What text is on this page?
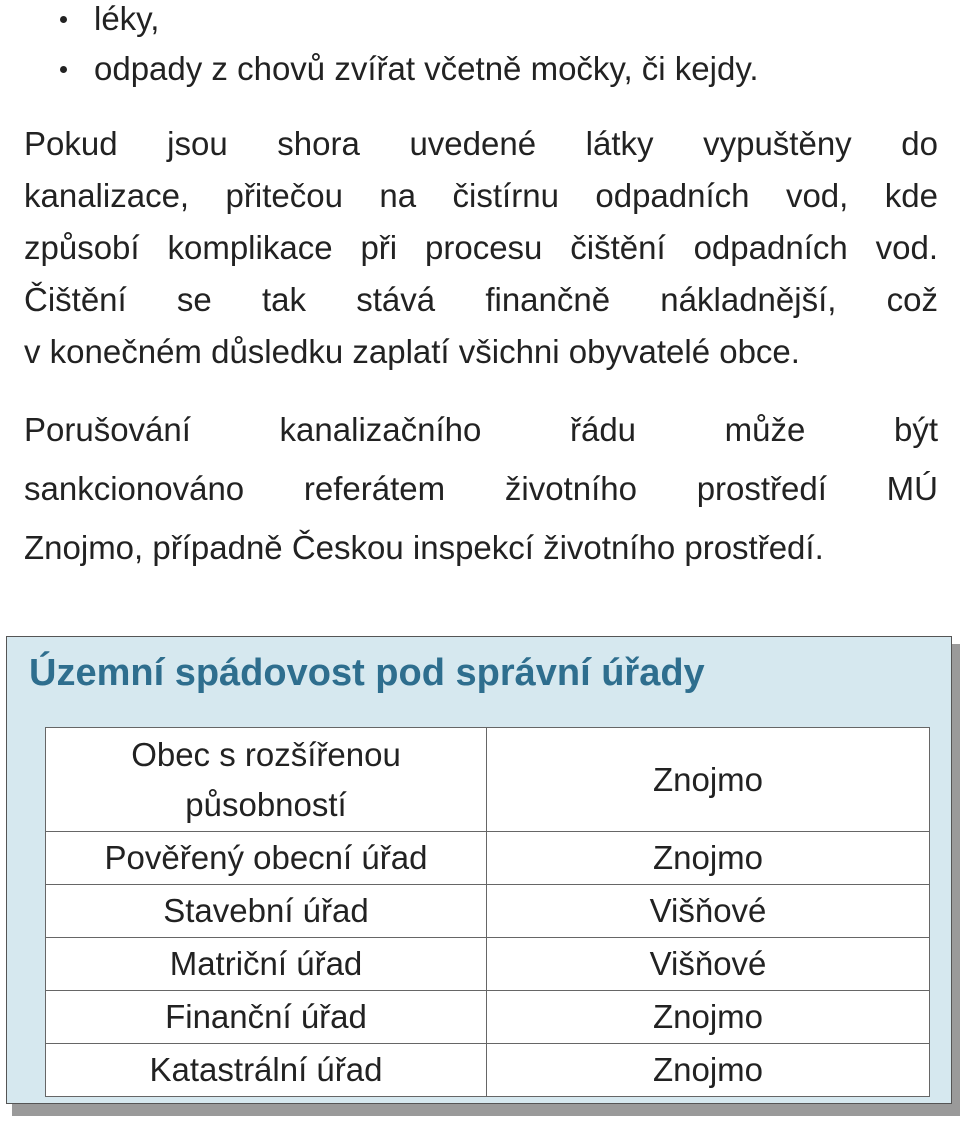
léky,
odpady z chovů zvířat včetně močky, či kejdy.

Pokud jsou shora uvedené látky vypuštěny do
kanalizace, přitečou na čistírnu odpadních vod, kde
způsobí komplikace při procesu čištění odpadních vod.
Čištění se tak stává finančně nákladnější, což
v konečném důsledku zaplatí všichni obyvatelé obce.

Porušování kanalizačního řádu může být
sankcionováno referátem životního prostředí MÚ
Znojmo, případně Českou inspekcí životního prostředí.

Územní spádovost pod správní úřady
Obec s rozšířenou působností	Znojmo
Pověřený obecní úřad	Znojmo
Stavební úřad	Višňové
Matriční úřad	Višňové
Finanční úřad	Znojmo
Katastrální úřad	Znojmo
